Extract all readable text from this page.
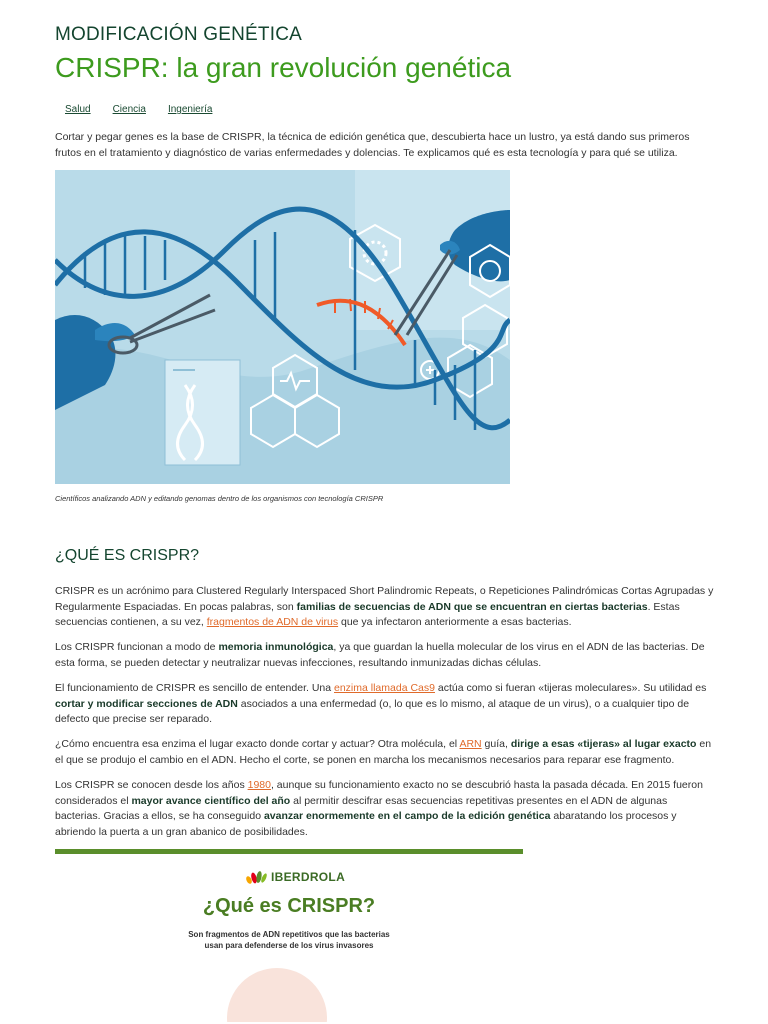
MODIFICACIÓN GENÉTICA
CRISPR: la gran revolución genética
Salud Ciencia Ingeniería

Cortar y pegar genes es la base de CRISPR, la técnica de edición genética que, descubierta hace un lustro, ya está dando sus primeros frutos en el tratamiento y diagnóstico de varias enfermedades y dolencias. Te explicamos qué es esta tecnología y para qué se utiliza.

Científicos analizando ADN y editando genomas dentro de los organismos con tecnología CRISPR
¿QUÉ ES CRISPR?

CRISPR es un acrónimo para Clustered Regularly Interspaced Short Palindromic Repeats, o Repeticiones Palindrómicas Cortas Agrupadas y Regularmente Espaciadas. En pocas palabras, son familias de secuencias de ADN que se encuentran en ciertas bacterias. Estas secuencias contienen, a su vez, fragmentos de ADN de virus que ya infectaron anteriormente a esas bacterias.

Los CRISPR funcionan a modo de memoria inmunológica, ya que guardan la huella molecular de los virus en el ADN de las bacterias. De esta forma, se pueden detectar y neutralizar nuevas infecciones, resultando inmunizadas dichas células.

El funcionamiento de CRISPR es sencillo de entender. Una enzima llamada Cas9 actúa como si fueran «tijeras moleculares». Su utilidad es cortar y modificar secciones de ADN asociados a una enfermedad (o, lo que es lo mismo, al ataque de un virus), o a cualquier tipo de defecto que precise ser reparado.

¿Cómo encuentra esa enzima el lugar exacto donde cortar y actuar? Otra molécula, el ARN guía, dirige a esas «tijeras» al lugar exacto en el que se produjo el cambio en el ADN. Hecho el corte, se ponen en marcha los mecanismos necesarios para reparar ese fragmento.

Los CRISPR se conocen desde los años 1980, aunque su funcionamiento exacto no se descubrió hasta la pasada década. En 2015 fueron considerados el mayor avance científico del año al permitir descifrar esas secuencias repetitivas presentes en el ADN de algunas bacterias. Gracias a ellos, se ha conseguido avanzar enormemente en el campo de la edición genética abaratando los procesos y abriendo la puerta a un gran abanico de posibilidades.

IBERDROLA
¿Qué es CRISPR?
Son fragmentos de ADN repetitivos que las bacterias
usan para defenderse de los virus invasores
